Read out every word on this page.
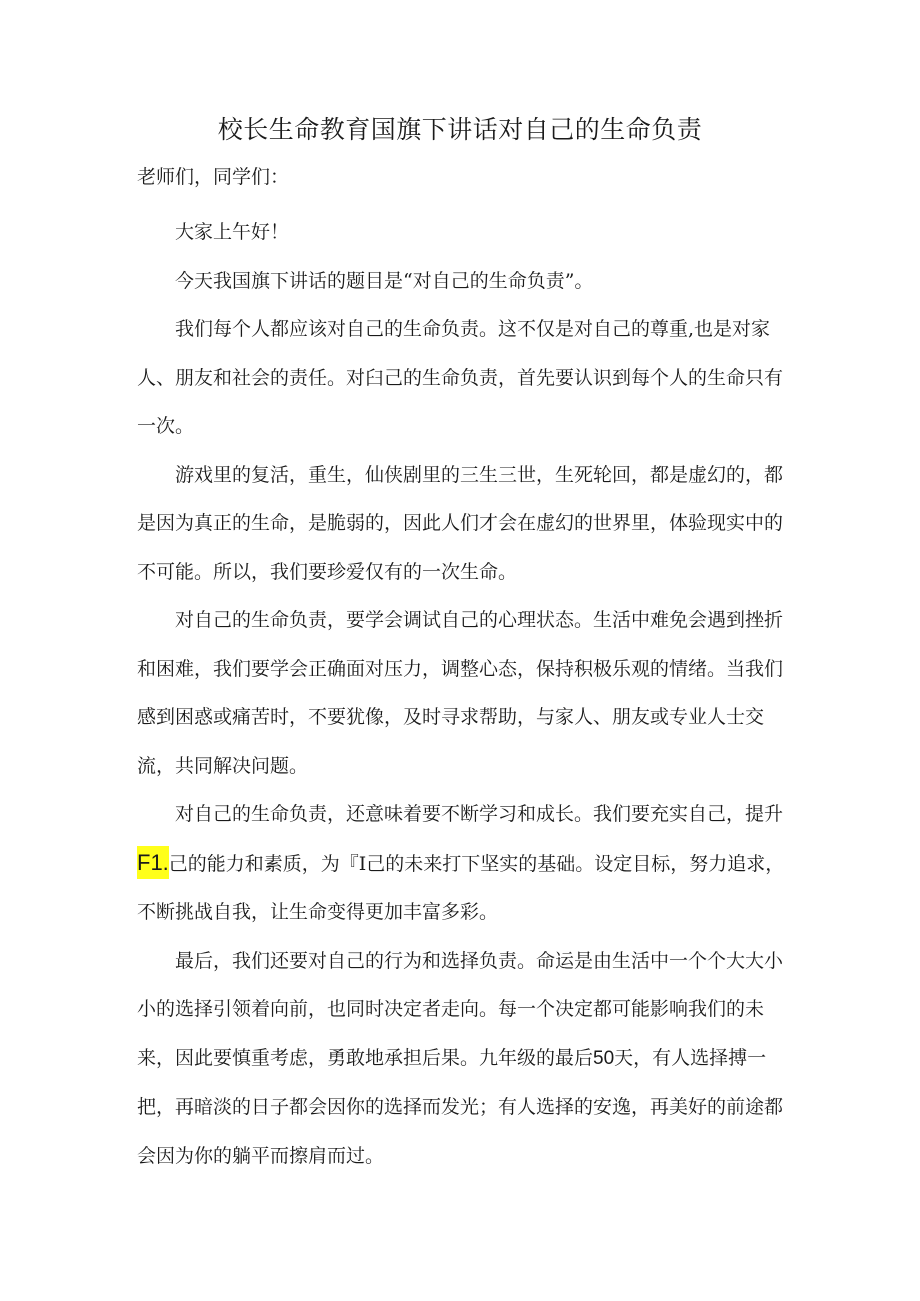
校长生命教育国旗下讲话对自己的生命负责
老师们，同学们：

大家上午好！

今天我国旗下讲话的题目是“对自己的生命负责”。

我们每个人都应该对自己的生命负责。这不仅是对自己的尊重,也是对家人、朋友和社会的责任。对臼己的生命负责，首先要认识到每个人的生命只有一次。

游戏里的复活，重生，仙侠剧里的三生三世，生死轮回，都是虚幻的，都是因为真正的生命，是脆弱的，因此人们才会在虚幻的世界里，体验现实中的不可能。所以，我们要珍爱仅有的一次生命。

对自己的生命负责，要学会调试自己的心理状态。生活中难免会遇到挫折和困难，我们要学会正确面对压力，调整心态，保持积极乐观的情绪。当我们感到困惑或痛苦时，不要犹像，及时寻求帮助，与家人、朋友或专业人士交流，共同解决问题。

对自己的生命负责，还意味着要不断学习和成长。我们要充实自己，提升F1.己的能力和素质，为『I己的未来打下坚实的基础。设定目标，努力追求，不断挑战自我，让生命变得更加丰富多彩。

最后，我们还要对自己的行为和选择负责。命运是由生活中一个个大大小小的选择引领着向前，也同时决定者走向。每一个决定都可能影响我们的未来，因此要慎重考虑，勇敢地承担后果。九年级的最后50天，有人选择搏一把，再暗淡的日子都会因你的选择而发光；有人选择的安逸，再美好的前途都会因为你的躺平而擦肩而过。
